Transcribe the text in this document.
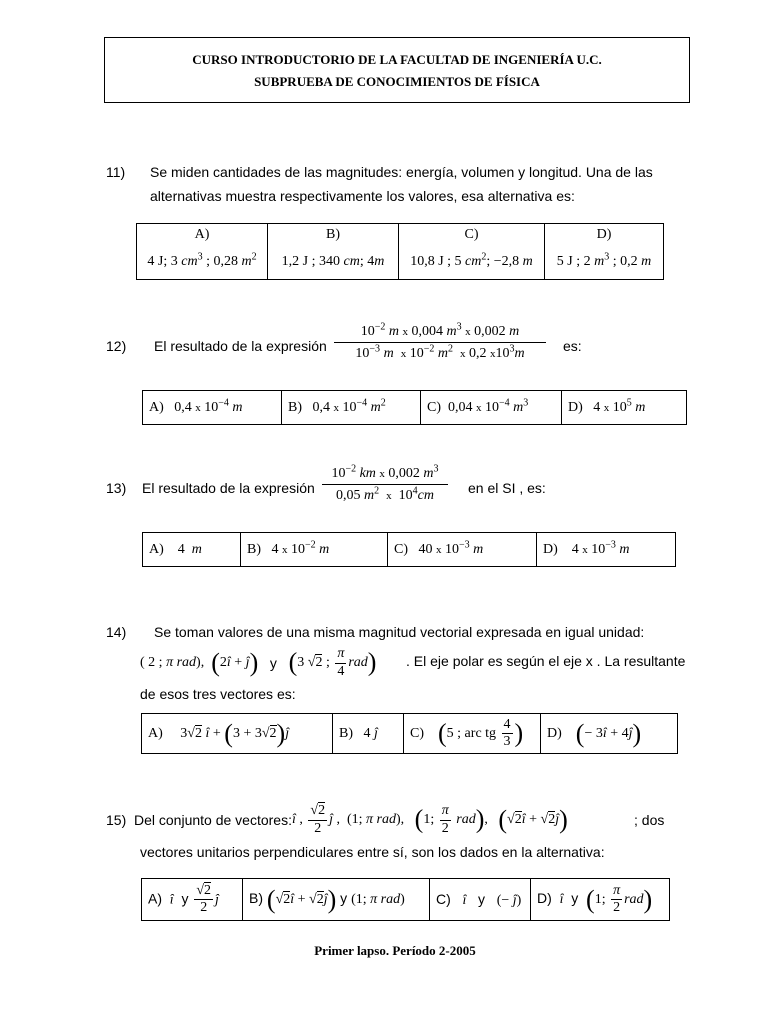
CURSO INTRODUCTORIO DE LA FACULTAD DE INGENIERÍA U.C.
SUBPRUEBA DE CONOCIMIENTOS DE FÍSICA
11) Se miden cantidades de las magnitudes: energía, volumen y longitud. Una de las
alternativas muestra respectivamente los valores, esa alternativa es:
A)	B)	C)	D)
4 J; 3 $cm^3$ ; 0,28 $m^2$	1,2 J ; 340 cm; 4m	10,8 J ; 5 $cm^2$; −2,8 m	5 J ; 2 $m^3$ ; 0,2 m
12) El resultado de la expresión
$10^{-2}$ m x 0,004 $m^3$ x 0,002 m
$10^{-3}$ m x $10^{-2}$ $m^2$ x 0,2 $x10^3m$	es:
A)   0,4 x $10^{-4}$ m	B)   0,4 x $10^{-4}$ $m^2$	C)  0,04 x $10^{-4}$ $m^3$	D)   4 x $10^5$ m
13) El resultado de la expresión
$10^{-2}$ km x 0,002 $m^3$
0,05 $m^2$ x  $10^4cm$	en el SI , es:
A)    4  m	B)   4 x $10^{-2}$ m	C)   40 x $10^{-3}$ m	D)    4 x $10^{-3}$ m
14) Se toman valores de una misma magnitud vectorial expresada en igual unidad:
( 2 ; π rad), (2î + ĵ) y (3 √2 ; $\frac{\pi}{4} rad$) . El eje polar es según el eje x . La resultante
de esos tres vectores es:
A)     3√2 î + (3 + 3√2)ĵ	B)   4 ĵ	C)    (5 ; arc tg $\frac{4}{3}$ )	D)    (− 3î + 4ĵ)
15) Del conjunto de vectores: î , $\frac{√2}{2}$ ĵ , (1; π rad), (1; $\frac{\pi}{2} rad$), (√2î + √2ĵ)	; dos
vectores unitarios perpendiculares entre sí, son los dados en la alternativa:
A)  î  y $\frac{√2}{2}$ ĵ	B) (√2î + √2ĵ) y (1; π rad)	C)   î   y   (− ĵ)	D)  î  y  (1; $\frac{\pi}{2} rad$)
Primer lapso. Período 2-2005
